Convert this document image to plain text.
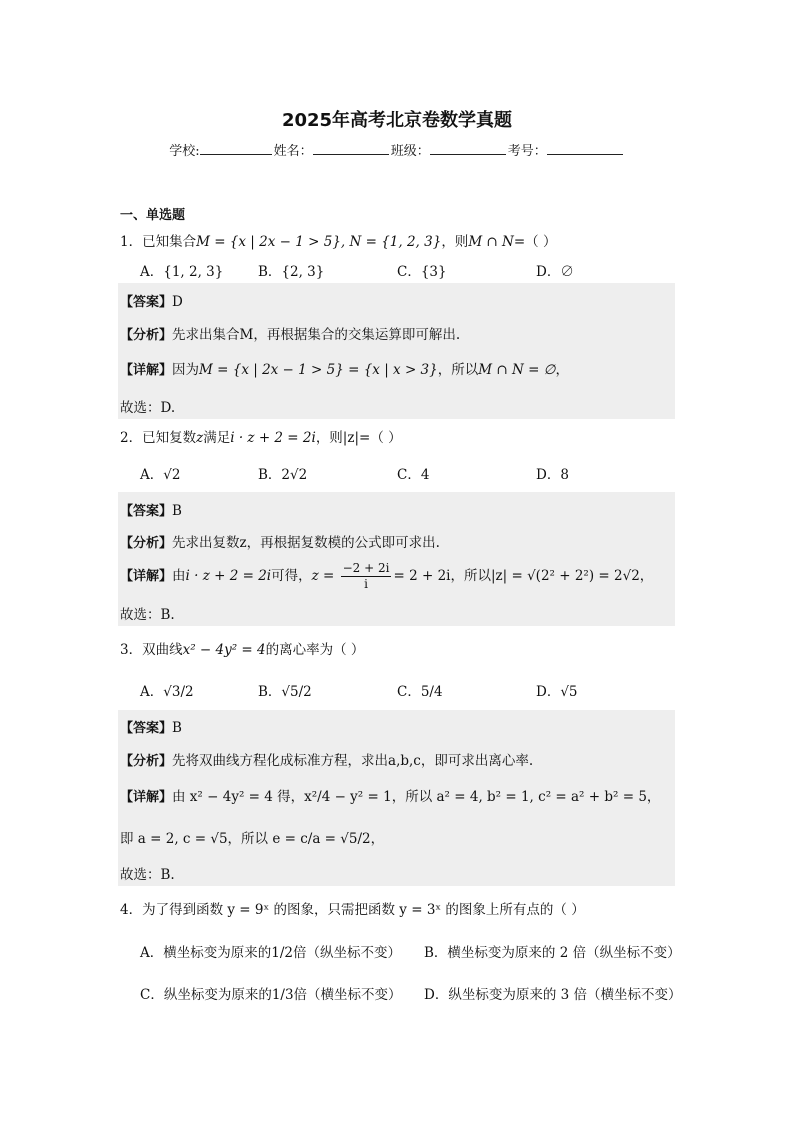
2025年高考北京卷数学真题
学校:	姓名：	班级：	考号：
一、单选题
1．已知集合M = {x | 2x − 1 > 5}, N = {1, 2, 3}，则M ∩ N=（ ）
A．{1, 2, 3}	B．{2, 3}	C．{3}	D．∅
【答案】D
【分析】先求出集合M，再根据集合的交集运算即可解出.
【详解】因为M = {x | 2x − 1 > 5} = {x | x > 3}，所以M ∩ N = ∅，
故选：D.
2．已知复数z满足i · z + 2 = 2i，则|z|=（ ）
A．√2	B．2√2	C．4	D．8
【答案】B
【分析】先求出复数z，再根据复数模的公式即可求出.
【详解】由i · z + 2 = 2i可得，$z = \frac{-2 + 2i}{i} = 2 + 2i$，所以|z| = √(2² + 2²) = 2√2，
故选：B.
3．双曲线x² − 4y² = 4的离心率为（ ）
A．√3/2	B．√5/2	C．5/4	D．√5
【答案】B
【分析】先将双曲线方程化成标准方程，求出a,b,c，即可求出离心率.
【详解】由 x² − 4y² = 4 得，x²/4 − y² = 1，所以 a² = 4, b² = 1, c² = a² + b² = 5，
即 a = 2, c = √5，所以 e = c/a = √5/2，
故选：B.
4．为了得到函数 y = 9ˣ 的图象，只需把函数 y = 3ˣ 的图象上所有点的（ ）
A．横坐标变为原来的1/2倍（纵坐标不变） B．横坐标变为原来的 2 倍（纵坐标不变）
C．纵坐标变为原来的1/3倍（横坐标不变） D．纵坐标变为原来的 3 倍（横坐标不变）
